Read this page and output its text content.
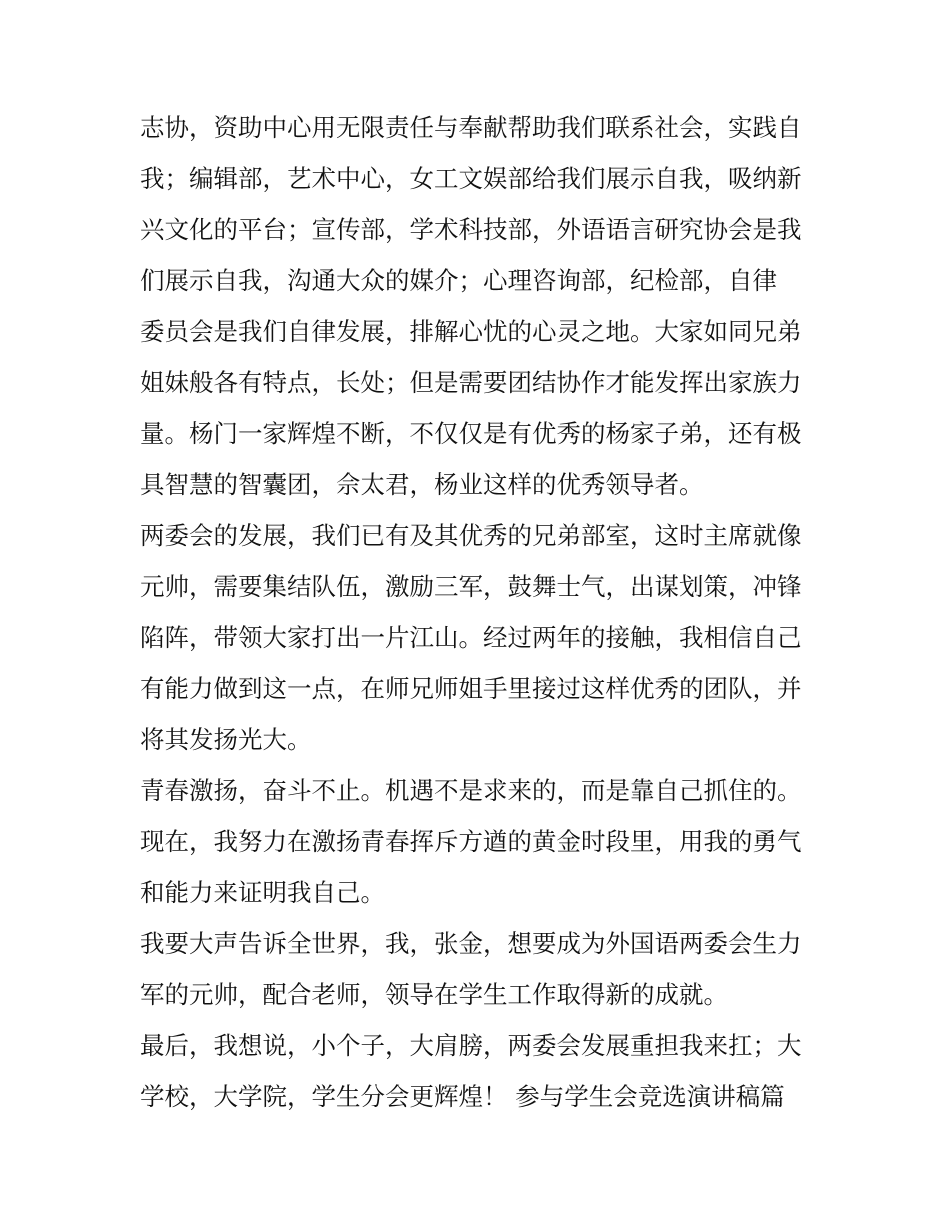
志协，资助中心用无限责任与奉献帮助我们联系社会，实践自
我；编辑部，艺术中心，女工文娱部给我们展示自我，吸纳新
兴文化的平台；宣传部，学术科技部，外语语言研究协会是我
们展示自我，沟通大众的媒介；心理咨询部，纪检部，自律
委员会是我们自律发展，排解心忧的心灵之地。大家如同兄弟
姐妹般各有特点，长处；但是需要团结协作才能发挥出家族力
量。杨门一家辉煌不断，不仅仅是有优秀的杨家子弟，还有极
具智慧的智囊团，佘太君，杨业这样的优秀领导者。
两委会的发展，我们已有及其优秀的兄弟部室，这时主席就像
元帅，需要集结队伍，激励三军，鼓舞士气，出谋划策，冲锋
陷阵，带领大家打出一片江山。经过两年的接触，我相信自己
有能力做到这一点，在师兄师姐手里接过这样优秀的团队，并
将其发扬光大。
青春激扬，奋斗不止。机遇不是求来的，而是靠自己抓住的。
现在，我努力在激扬青春挥斥方遒的黄金时段里，用我的勇气
和能力来证明我自己。
我要大声告诉全世界，我，张金，想要成为外国语两委会生力
军的元帅，配合老师，领导在学生工作取得新的成就。
最后，我想说，小个子，大肩膀，两委会发展重担我来扛；大
学校，大学院，学生分会更辉煌！ 参与学生会竞选演讲稿篇
